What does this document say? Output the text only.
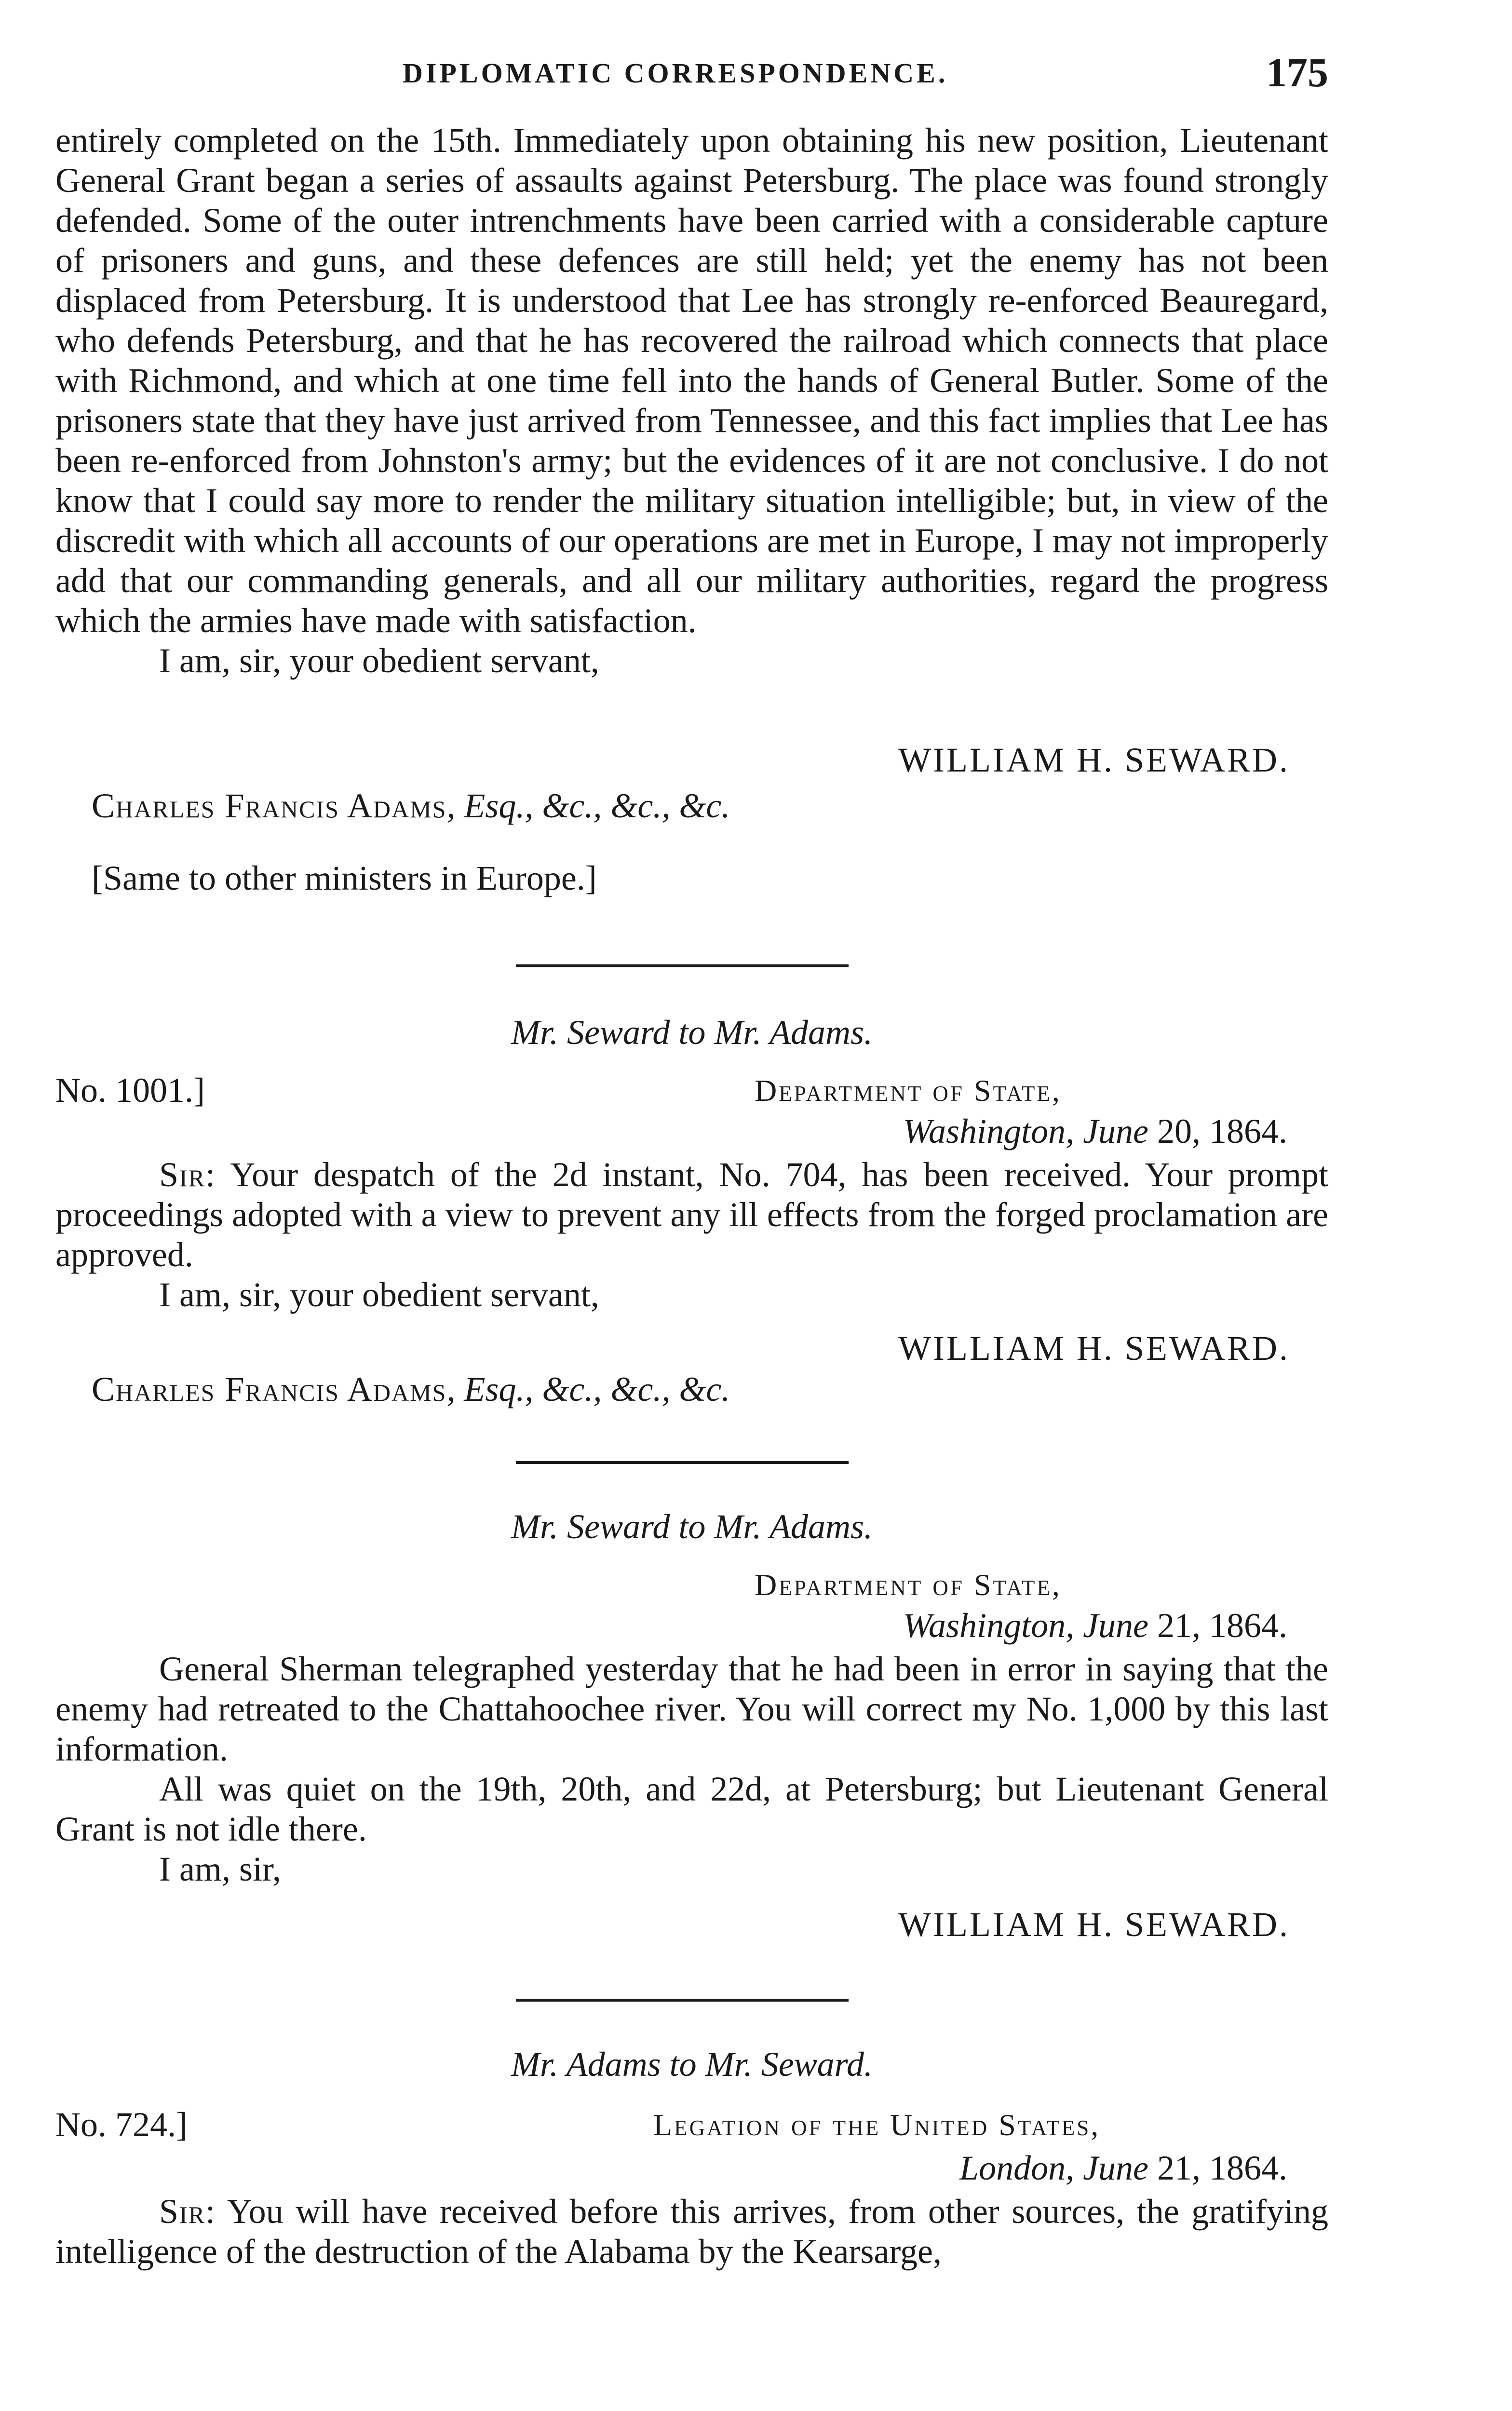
DIPLOMATIC CORRESPONDENCE.	175

entirely completed on the 15th. Immediately upon obtaining his new position, Lieutenant General Grant began a series of assaults against Petersburg. The place was found strongly defended. Some of the outer intrenchments have been carried with a considerable capture of prisoners and guns, and these defences are still held; yet the enemy has not been displaced from Petersburg. It is understood that Lee has strongly re-enforced Beauregard, who defends Petersburg, and that he has recovered the railroad which connects that place with Richmond, and which at one time fell into the hands of General Butler. Some of the prisoners state that they have just arrived from Tennessee, and this fact implies that Lee has been re-enforced from Johnston's army; but the evidences of it are not conclusive. I do not know that I could say more to render the military situation intelligible; but, in view of the discredit with which all accounts of our operations are met in Europe, I may not improperly add that our commanding generals, and all our military authorities, regard the progress which the armies have made with satisfaction.

I am, sir, your obedient servant,

WILLIAM H. SEWARD.
Charles Francis Adams, Esq., &c., &c., &c.
[Same to other ministers in Europe.]
Mr. Seward to Mr. Adams.
No. 1001.]	Department of State,
Washington, June 20, 1864.

Sir: Your despatch of the 2d instant, No. 704, has been received. Your prompt proceedings adopted with a view to prevent any ill effects from the forged proclamation are approved.

I am, sir, your obedient servant,

WILLIAM H. SEWARD.
Charles Francis Adams, Esq., &c., &c., &c.
Mr. Seward to Mr. Adams.
Department of State,
Washington, June 21, 1864.

General Sherman telegraphed yesterday that he had been in error in saying that the enemy had retreated to the Chattahoochee river. You will correct my No. 1,000 by this last information.

All was quiet on the 19th, 20th, and 22d, at Petersburg; but Lieutenant General Grant is not idle there.

I am, sir,

WILLIAM H. SEWARD.
Mr. Adams to Mr. Seward.
No. 724.]	Legation of the United States,
London, June 21, 1864.

Sir: You will have received before this arrives, from other sources, the gratifying intelligence of the destruction of the Alabama by the Kearsarge,
